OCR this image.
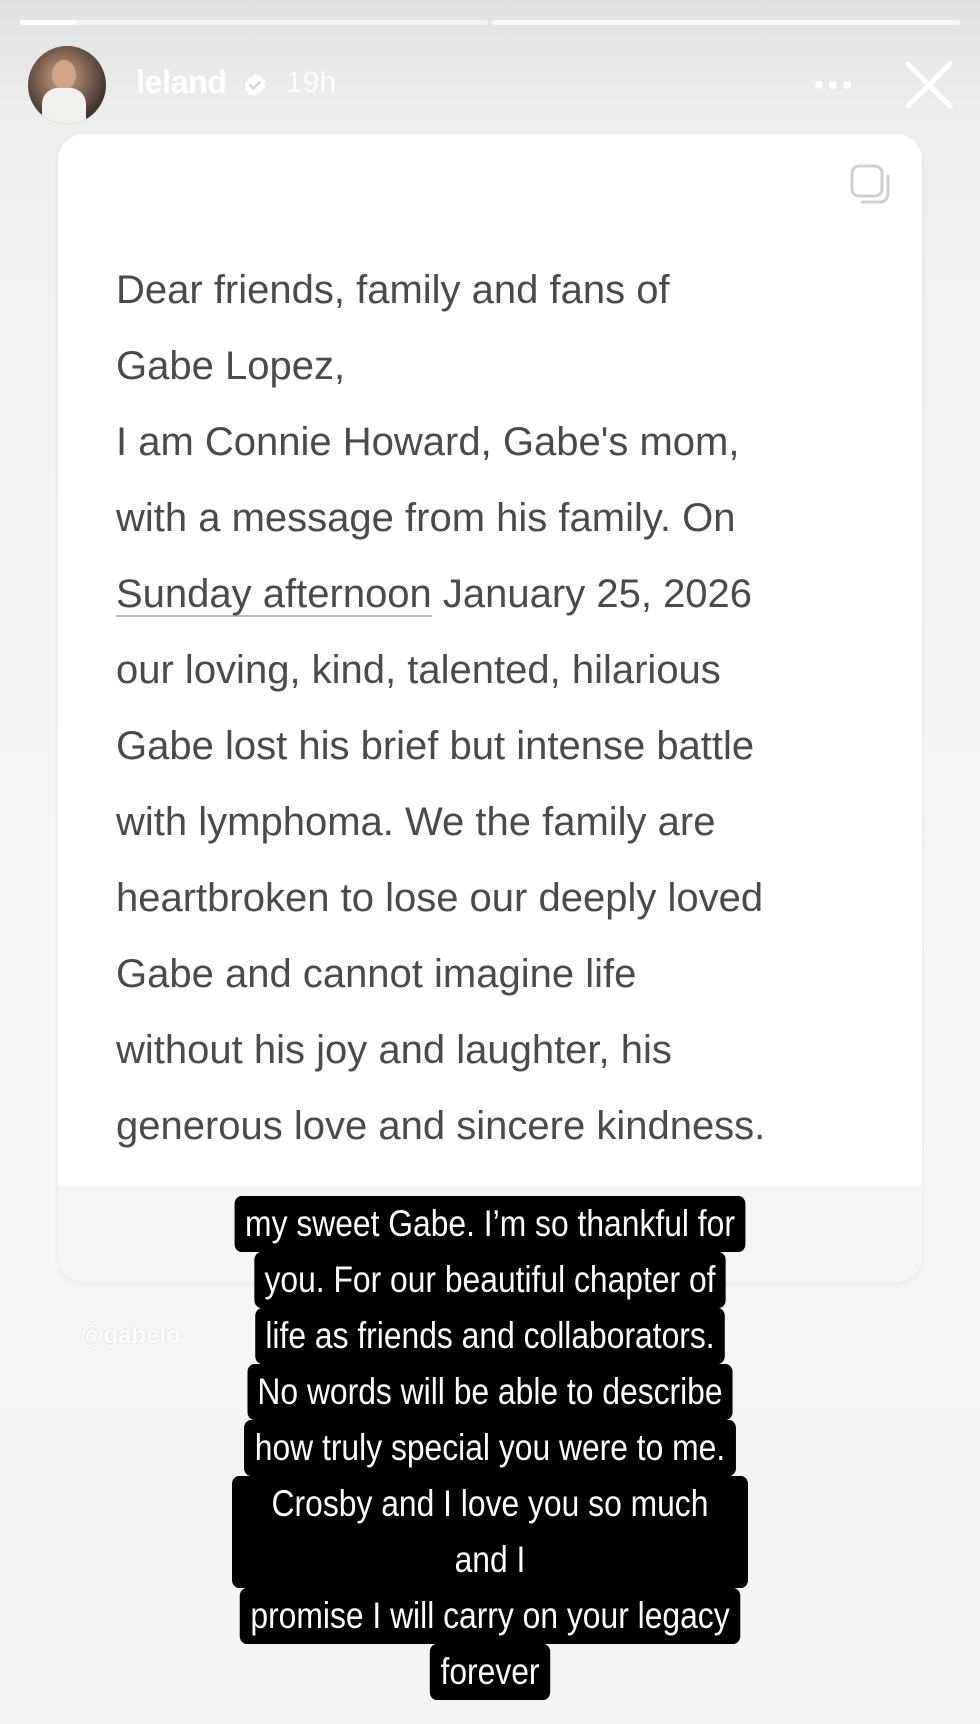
leland 19h

Dear friends, family and fans of
Gabe Lopez,
I am Connie Howard, Gabe's mom,
with a message from his family. On
Sunday afternoon January 25, 2026
our loving, kind, talented, hilarious
Gabe lost his brief but intense battle
with lymphoma. We the family are
heartbroken to lose our deeply loved
Gabe and cannot imagine life
without his joy and laughter, his
generous love and sincere kindness.

@gabelo
my sweet Gabe. I’m so thankful for
you. For our beautiful chapter of
life as friends and collaborators.
No words will be able to describe
how truly special you were to me.
Crosby and I love you so much and I
promise I will carry on your legacy
forever
